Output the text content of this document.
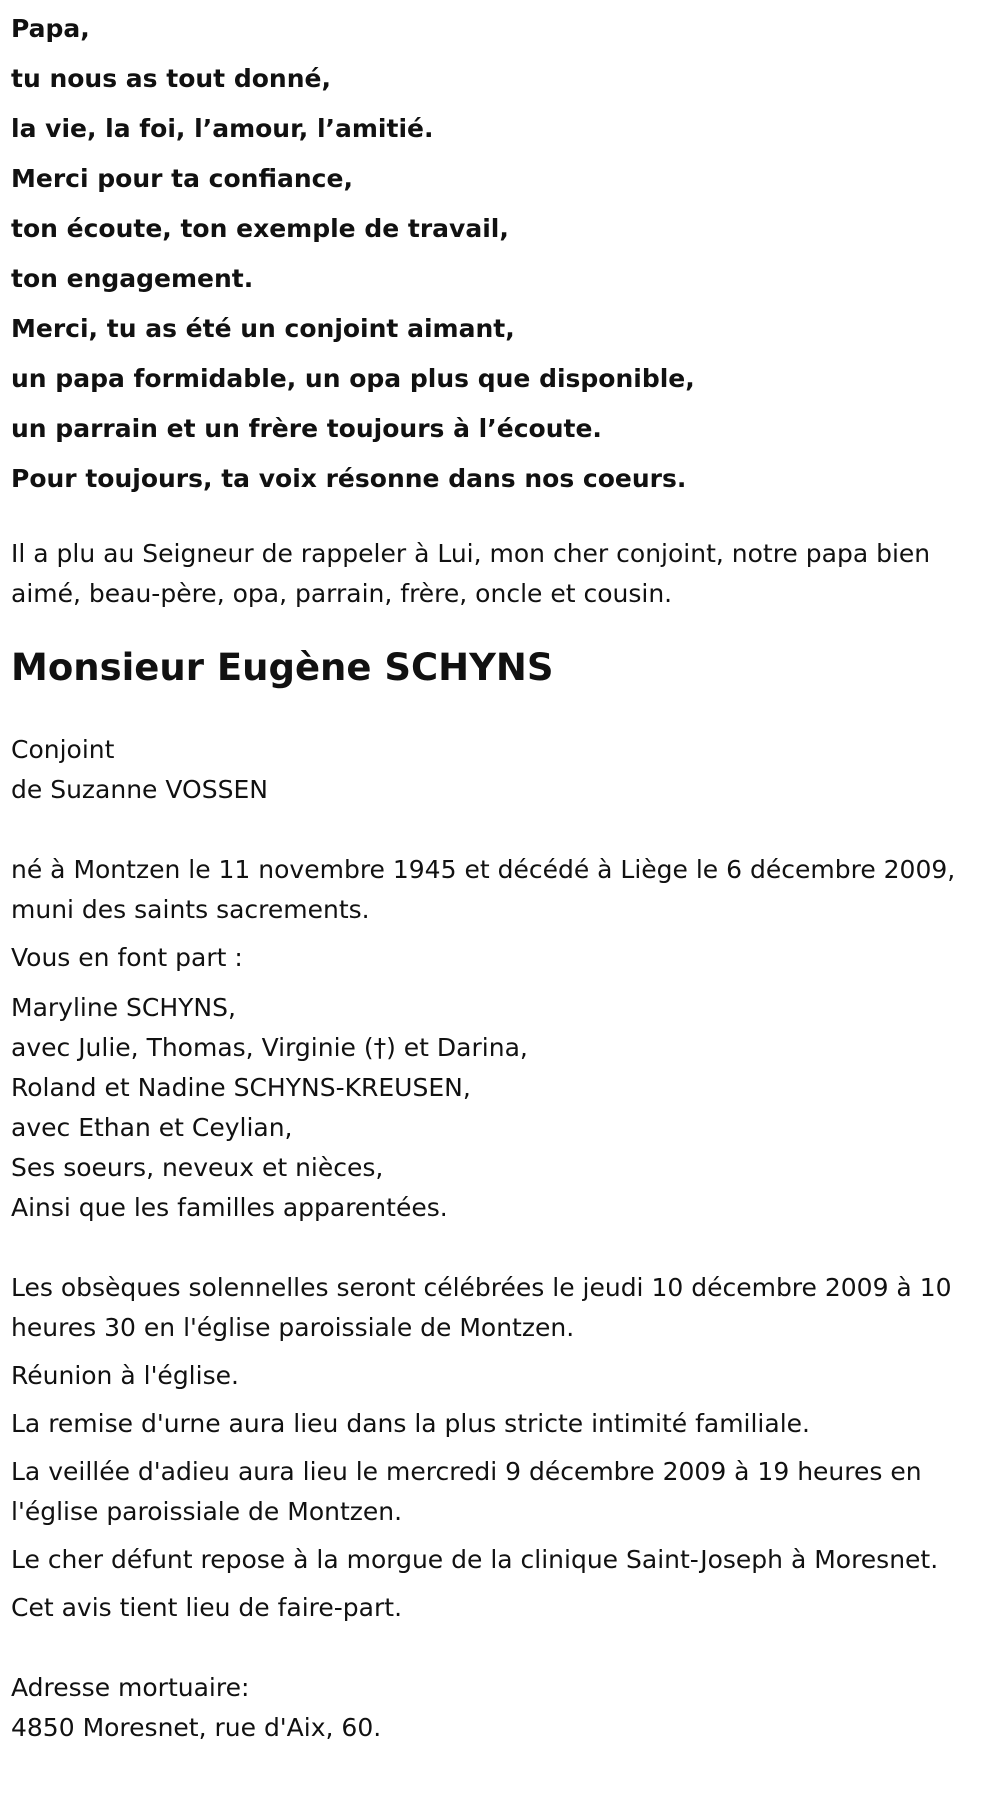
Papa,

tu nous as tout donné,

la vie, la foi, l’amour, l’amitié.

Merci pour ta confiance,

ton écoute, ton exemple de travail,

ton engagement.

Merci, tu as été un conjoint aimant,

un papa formidable, un opa plus que disponible,

un parrain et un frère toujours à l’écoute.

Pour toujours, ta voix résonne dans nos coeurs.

Il a plu au Seigneur de rappeler à Lui, mon cher conjoint, notre papa bien aimé, beau-père, opa, parrain, frère, oncle et cousin.

Monsieur Eugène SCHYNS
Conjoint
de Suzanne VOSSEN

né à Montzen le 11 novembre 1945 et décédé à Liège le 6 décembre 2009, muni des saints sacrements.

Vous en font part :

Maryline SCHYNS,
avec Julie, Thomas, Virginie (†) et Darina,
Roland et Nadine SCHYNS-KREUSEN,
avec Ethan et Ceylian,
Ses soeurs, neveux et nièces,
Ainsi que les familles apparentées.

Les obsèques solennelles seront célébrées le jeudi 10 décembre 2009 à 10 heures 30 en l'église paroissiale de Montzen.

Réunion à l'église.

La remise d'urne aura lieu dans la plus stricte intimité familiale.

La veillée d'adieu aura lieu le mercredi 9 décembre 2009 à 19 heures en l'église paroissiale de Montzen.

Le cher défunt repose à la morgue de la clinique Saint-Joseph à Moresnet.

Cet avis tient lieu de faire-part.

Adresse mortuaire:
4850 Moresnet, rue d'Aix, 60.
